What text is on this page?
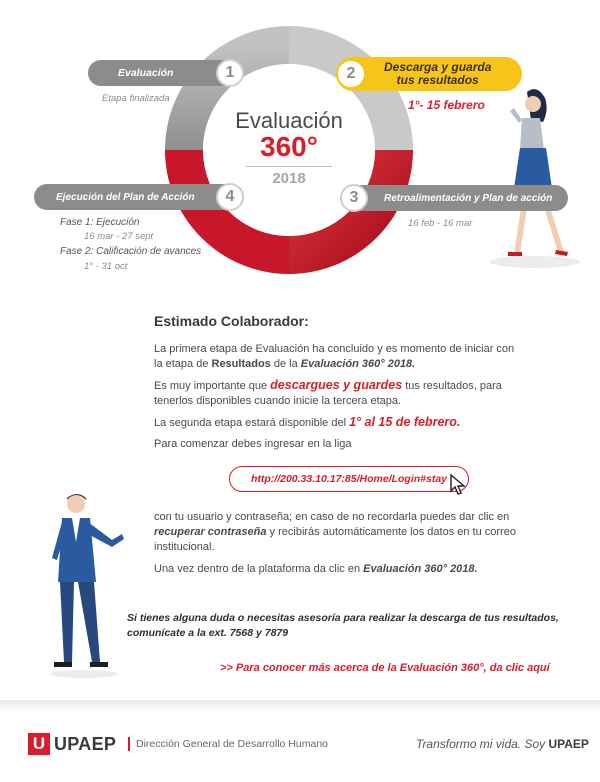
Evaluación	1
Etapa finalizada
Descarga y guarda
tus resultados
2
1°- 15 febrero
Retroalimentación y Plan de acción
3
16 feb - 16 mar
Ejecución del Plan de Acción	4
Fase 1: Ejecución
16 mar - 27 sept
Fase 2: Calificación de avances
1° - 31 oct
Evaluación
360°
2018
Estimado Colaborador:
La primera etapa de Evaluación ha concluido y es momento de iniciar con la etapa de Resultados de la Evaluación 360° 2018.
Es muy importante que descargues y guardes tus resultados, para tenerlos disponibles cuando inicie la tercera etapa.
La segunda etapa estará disponible del 1° al 15 de febrero.
Para comenzar debes ingresar en la liga
http://200.33.10.17:85/Home/Login#stay
con tu usuario y contraseña; en caso de no recordarla puedes dar clic en recuperar contraseña y recibirás automáticamente los datos en tu correo institucional.
Una vez dentro de la plataforma da clic en Evaluación 360° 2018.
Si tienes alguna duda o necesitas asesoría para realizar la descarga de tus resultados, comunícate a la ext. 7568 y 7879
>> Para conocer más acerca de la Evaluación 360°, da clic aquí
U UPAEP Dirección General de Desarrollo Humano	Transformo mi vida. Soy UPAEP
